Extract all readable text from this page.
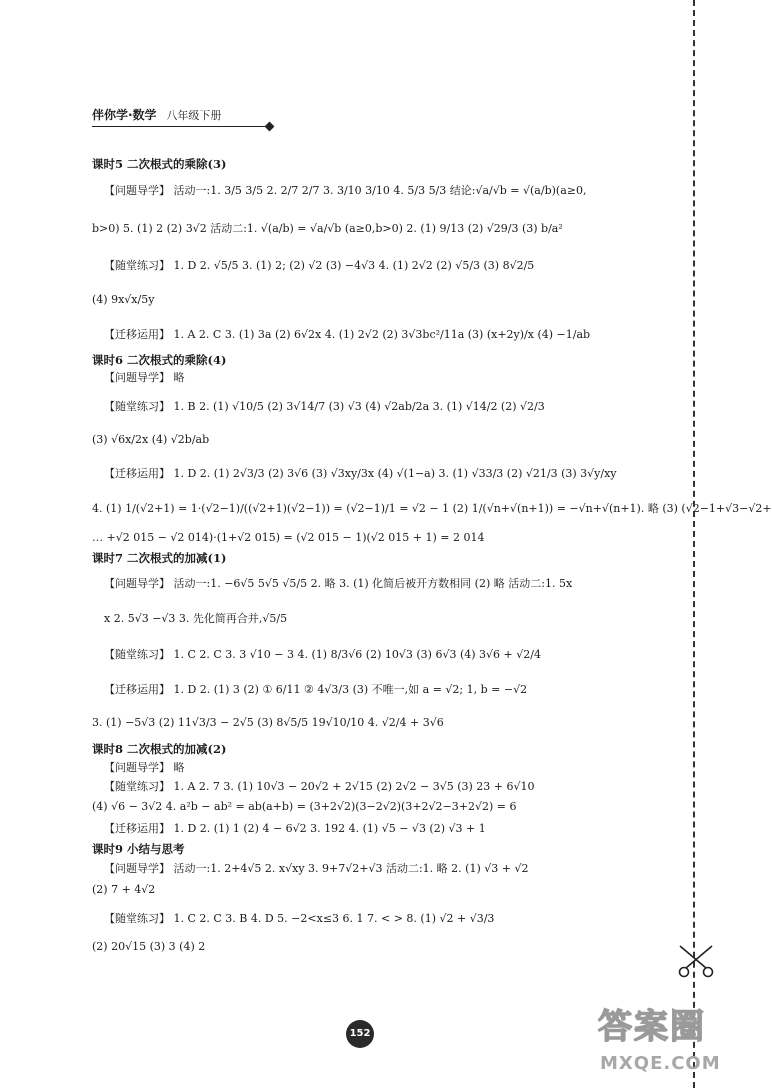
伴你学·数学 八年级下册
课时5 二次根式的乘除(3)
【问题导学】 活动一:1. 3/5 3/5 2. 2/7 2/7 3. 3/10 3/10 4. 5/3 5/3 结论:√a/√b = √(a/b)(a≥0,
b>0) 5. (1) 2 (2) 3√2 活动二:1. √(a/b) = √a/√b (a≥0,b>0) 2. (1) 9/13 (2) √29/3 (3) b/a²
【随堂练习】 1. D 2. √5/5 3. (1) 2; (2) √2 (3) −4√3 4. (1) 2√2 (2) √5/3 (3) 8√2/5
(4) 9x√x/5y
【迁移运用】 1. A 2. C 3. (1) 3a (2) 6√2x 4. (1) 2√2 (2) 3√3bc²/11a (3) (x+2y)/x (4) −1/ab
课时6 二次根式的乘除(4)
【问题导学】 略
【随堂练习】 1. B 2. (1) √10/5 (2) 3√14/7 (3) √3 (4) √2ab/2a 3. (1) √14/2 (2) √2/3
(3) √6x/2x (4) √2b/ab
【迁移运用】 1. D 2. (1) 2√3/3 (2) 3√6 (3) √3xy/3x (4) √(1−a) 3. (1) √33/3 (2) √21/3 (3) 3√y/xy
4. (1) 1/(√2+1) = 1·(√2−1)/((√2+1)(√2−1)) = (√2−1)/1 = √2 − 1 (2) 1/(√n+√(n+1)) = −√n+√(n+1). 略 (3) (√2−1+√3−√2+
… +√2 015 − √2 014)·(1+√2 015) = (√2 015 − 1)(√2 015 + 1) = 2 014
课时7 二次根式的加减(1)
【问题导学】 活动一:1. −6√5 5√5 √5/5 2. 略 3. (1) 化简后被开方数相同 (2) 略 活动二:1. 5x
x 2. 5√3 −√3 3. 先化简再合并,√5/5
【随堂练习】 1. C 2. C 3. 3 √10 − 3 4. (1) 8/3√6 (2) 10√3 (3) 6√3 (4) 3√6 + √2/4
【迁移运用】 1. D 2. (1) 3 (2) ① 6/11 ② 4√3/3 (3) 不唯一,如 a = √2; 1, b = −√2
3. (1) −5√3 (2) 11√3/3 − 2√5 (3) 8√5/5 19√10/10 4. √2/4 + 3√6
课时8 二次根式的加减(2)
【问题导学】 略
【随堂练习】 1. A 2. 7 3. (1) 10√3 − 20√2 + 2√15 (2) 2√2 − 3√5 (3) 23 + 6√10
(4) √6 − 3√2 4. a²b − ab² = ab(a+b) = (3+2√2)(3−2√2)(3+2√2−3+2√2) = 6
【迁移运用】 1. D 2. (1) 1 (2) 4 − 6√2 3. 192 4. (1) √5 − √3 (2) √3 + 1
课时9 小结与思考
【问题导学】 活动一:1. 2+4√5 2. x√xy 3. 9+7√2+√3 活动二:1. 略 2. (1) √3 + √2
(2) 7 + 4√2
【随堂练习】 1. C 2. C 3. B 4. D 5. −2<x≤3 6. 1 7. < > 8. (1) √2 + √3/3
(2) 20√15 (3) 3 (4) 2
152	答案圈
MXQE.COM
